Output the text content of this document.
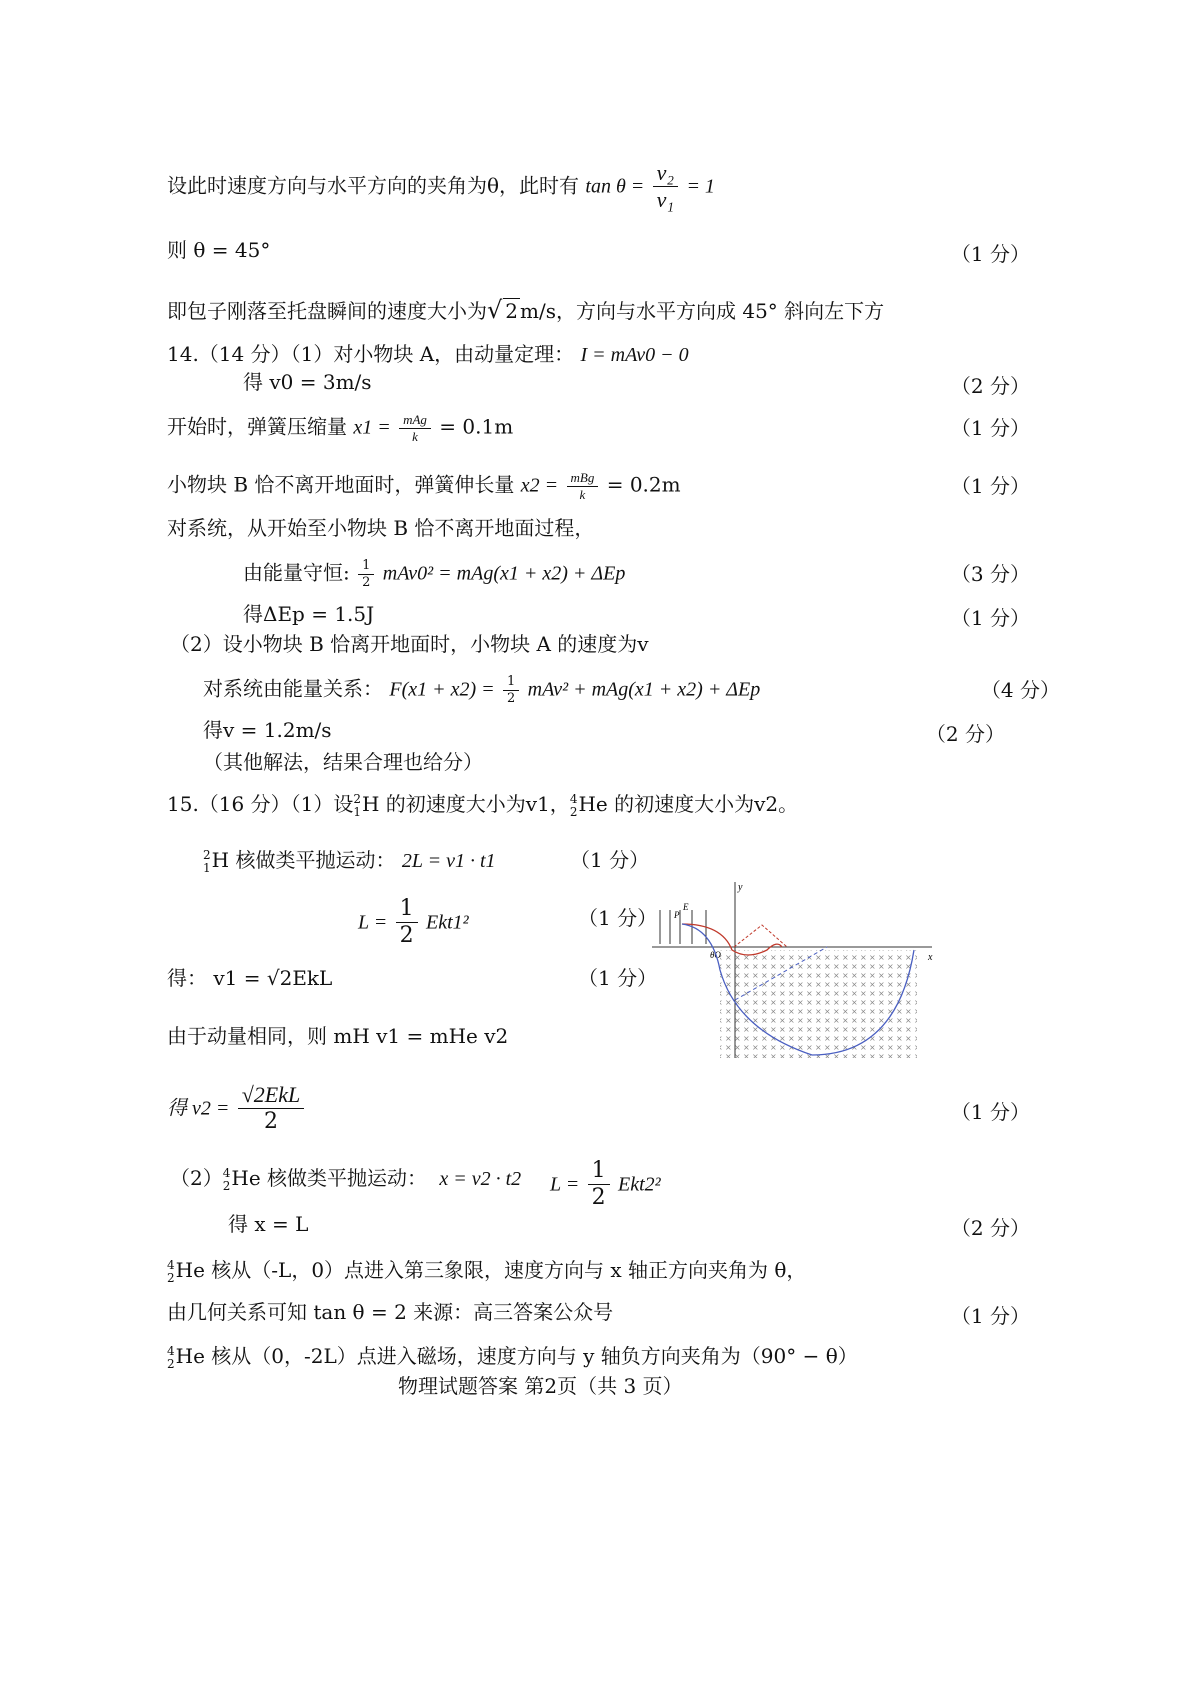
设此时速度方向与水平方向的夹角为θ，此时有 $\tan \theta = \frac{\text{v₂}}{\text{v₁}} = 1$
则 θ = 45°	（1 分）
即包子刚落至托盘瞬间的速度大小为√ 2 m/s，方向与水平方向成 45° 斜向左下方
14.（14 分）（1）对小物块 A，由动量定理： I = mAv0 − 0
得 v0 = 3m/s	（2 分）
开始时，弹簧压缩量 $x1 = \frac{\text{mAg}}{k} = 0.1m$	（1 分）
小物块 B 恰不离开地面时，弹簧伸长量 $x2 = \frac{\text{mBg}}{k} = 0.2m$	（1 分）
对系统，从开始至小物块 B 恰不离开地面过程，
由能量守恒: $\frac{1}{2} mAv0^2 = mAg(x1 + x2) + \Delta Ep$	（3 分）
得ΔEp = 1.5J	（1 分）
（2）设小物块 B 恰离开地面时，小物块 A 的速度为v
对系统由能量关系： $F(x1 + x2) = \frac{1}{2} mAv^2 + mAg(x1 + x2) + \Delta Ep$	（4 分）
得v = 1.2m/s	（2 分）
（其他解法，结果合理也给分）
15.（16 分）（1）设 2
1 H 的初速度大小为v1， 4
2 He 的初速度大小为v2。
2
1 H 核做类平抛运动： 2L = v1 · t1	（1 分）
$L = \frac{1}{2} Ekt1^2$	（1 分）
得： v1 = √2EkL	（1 分）
由于动量相同，则 mH v1 = mHe v2
得 $v2 = \frac{\text{√2EkL}}{2}$	（1 分）
（2） 4
2 He 核做类平抛运动： x = v2 · t2 $L = \frac{1}{2} Ekt2^2$
得 x = L	（2 分）
4
2 He 核从（-L，0）点进入第三象限，速度方向与 x 轴正方向夹角为 θ，
由几何关系可知 tan θ = 2 来源：高三答案公众号	（1 分）
4
2 He 核从（0，-2L）点进入磁场，速度方向与 y 轴负方向夹角为（90° − θ）
物理试题答案 第2页（共 3 页）
x
y
P
E
θO
